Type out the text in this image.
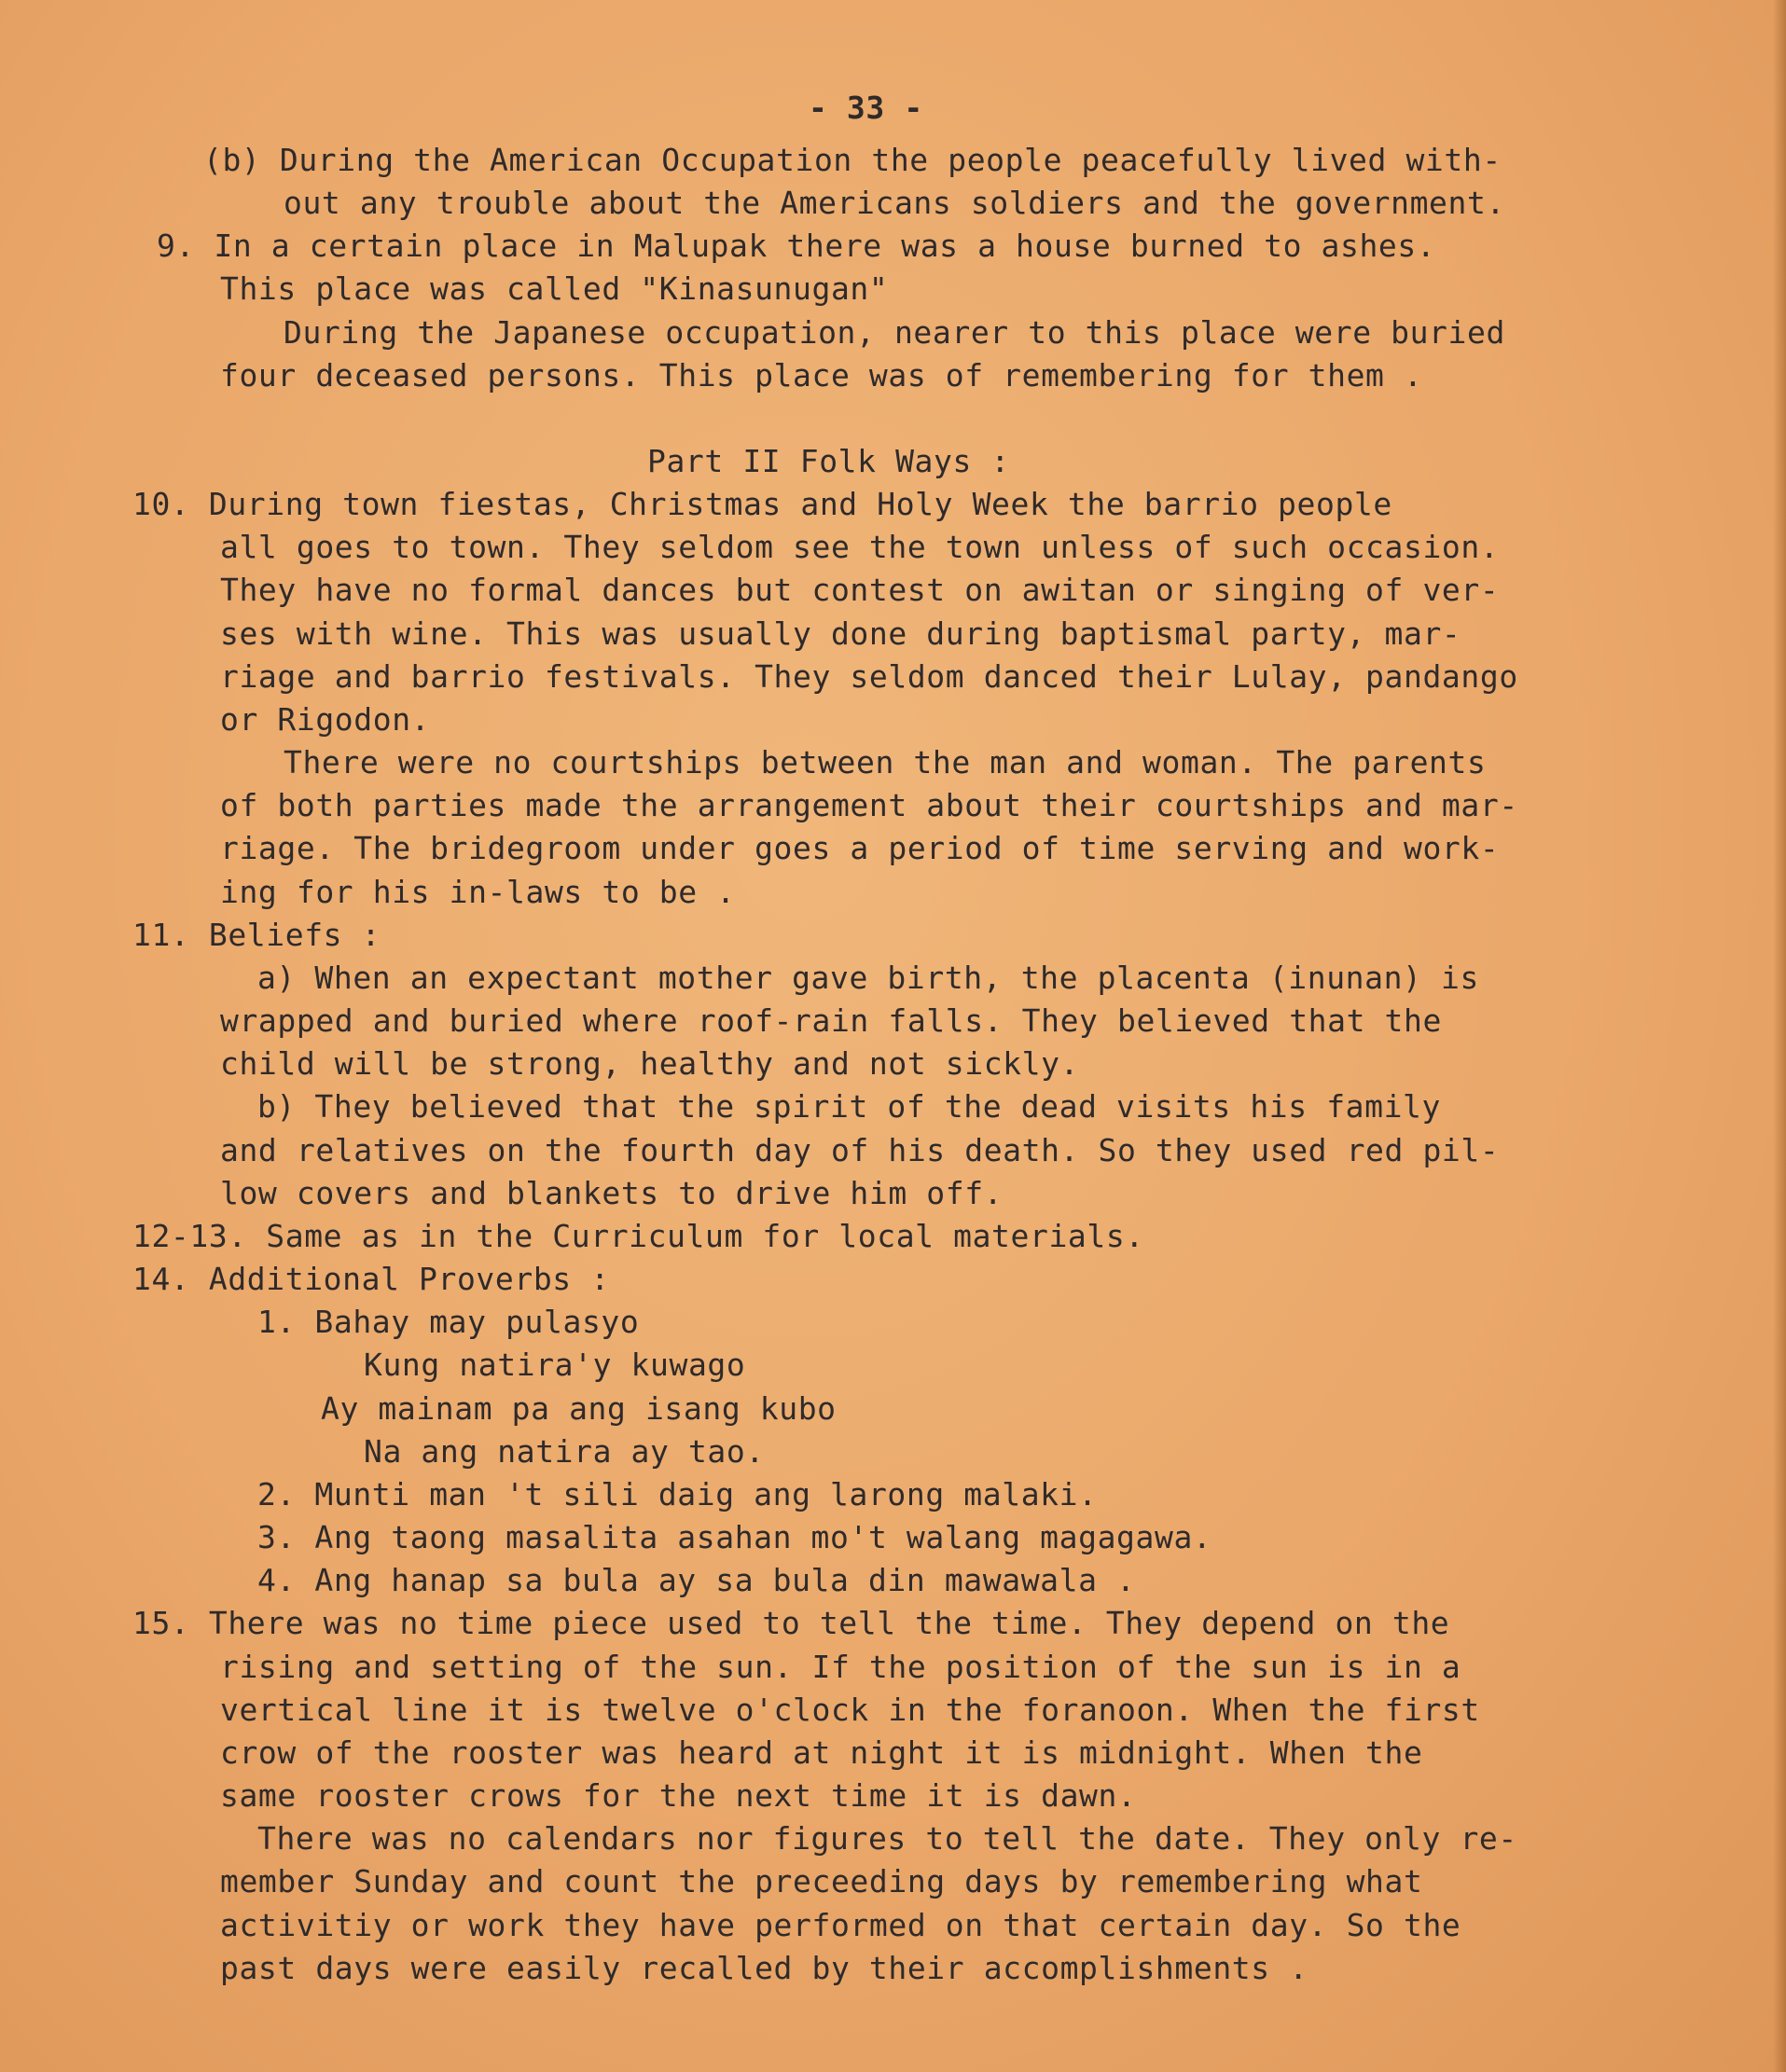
- 33 -
(b) During the American Occupation the people peacefully lived with-
out any trouble about the Americans soldiers and the government.
9. In a certain place in Malupak there was a house burned to ashes.
This place was called "Kinasunugan"
During the Japanese occupation, nearer to this place were buried
four deceased persons. This place was of remembering for them .
Part II Folk Ways :
10. During town fiestas, Christmas and Holy Week the barrio people
all goes to town. They seldom see the town unless of such occasion.
They have no formal dances but contest on awitan or singing of ver-
ses with wine. This was usually done during baptismal party, mar-
riage and barrio festivals. They seldom danced their Lulay, pandango
or Rigodon.
There were no courtships between the man and woman. The parents
of both parties made the arrangement about their courtships and mar-
riage. The bridegroom under goes a period of time serving and work-
ing for his in-laws to be .
11. Beliefs :
a) When an expectant mother gave birth, the placenta (inunan) is
wrapped and buried where roof-rain falls. They believed that the
child will be strong, healthy and not sickly.
b) They believed that the spirit of the dead visits his family
and relatives on the fourth day of his death. So they used red pil-
low covers and blankets to drive him off.
12-13. Same as in the Curriculum for local materials.
14. Additional Proverbs :
1. Bahay may pulasyo
Kung natira'y kuwago
Ay mainam pa ang isang kubo
Na ang natira ay tao.
2. Munti man 't sili daig ang larong malaki.
3. Ang taong masalita asahan mo't walang magagawa.
4. Ang hanap sa bula ay sa bula din mawawala .
15. There was no time piece used to tell the time. They depend on the
rising and setting of the sun. If the position of the sun is in a
vertical line it is twelve o'clock in the foranoon. When the first
crow of the rooster was heard at night it is midnight. When the
same rooster crows for the next time it is dawn.
There was no calendars nor figures to tell the date. They only re-
member Sunday and count the preceeding days by remembering what
activitiy or work they have performed on that certain day. So the
past days were easily recalled by their accomplishments .
